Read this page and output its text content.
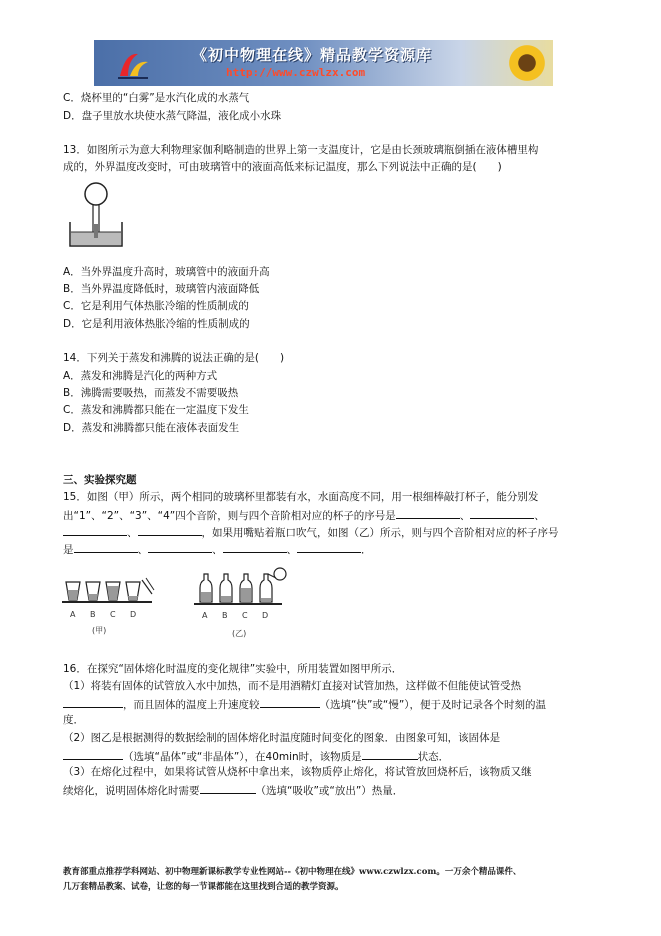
《初中物理在线》精品教学资源库
http://www.czwlzx.com
C．烧杯里的“白雾”是水汽化成的水蒸气
D．盘子里放水块使水蒸气降温，液化成小水珠
13．如图所示为意大利物理家伽利略制造的世界上第一支温度计，它是由长颈玻璃瓶倒插在液体槽里构
成的，外界温度改变时，可由玻璃管中的液面高低来标记温度，那么下列说法中正确的是(　　)
A．当外界温度升高时，玻璃管中的液面升高
B．当外界温度降低时，玻璃管内液面降低
C．它是利用气体热胀冷缩的性质制成的
D．它是利用液体热胀冷缩的性质制成的
14．下列关于蒸发和沸腾的说法正确的是(　　)
A．蒸发和沸腾是汽化的两种方式
B．沸腾需要吸热，而蒸发不需要吸热
C．蒸发和沸腾都只能在一定温度下发生
D．蒸发和沸腾都只能在液体表面发生
三、实验探究题
15．如图（甲）所示，两个相同的玻璃杯里都装有水，水面高度不同，用一根细棒敲打杯子，能分别发
出“1”、“2”、“3”、“4”四个音阶，则与四个音阶相对应的杯子的序号是	、	、
、	，如果用嘴贴着瓶口吹气，如图（乙）所示，则与四个音阶相对应的杯子序号
是	、	、	、	．
A B C D
(甲)
A B C D
(乙)
16．在探究“固体熔化时温度的变化规律”实验中，所用装置如图甲所示．
（1）将装有固体的试管放入水中加热，而不是用酒精灯直接对试管加热，这样做不但能使试管受热
，而且固体的温度上升速度较	（选填“快”或“慢”），便于及时记录各个时刻的温
度．
（2）图乙是根据测得的数据绘制的固体熔化时温度随时间变化的图象．由图象可知，该固体是
（选填“晶体”或“非晶体”），在40min时，该物质是	状态．
（3）在熔化过程中，如果将试管从烧杯中拿出来，该物质停止熔化，将试管放回烧杯后，该物质又继
续熔化，说明固体熔化时需要	（选填“吸收”或“放出”）热量．
教育部重点推荐学科网站、初中物理新课标教学专业性网站--《初中物理在线》www.czwlzx.com。一万余个精品课件、
几万套精品教案、试卷，让您的每一节课都能在这里找到合适的教学资源。
